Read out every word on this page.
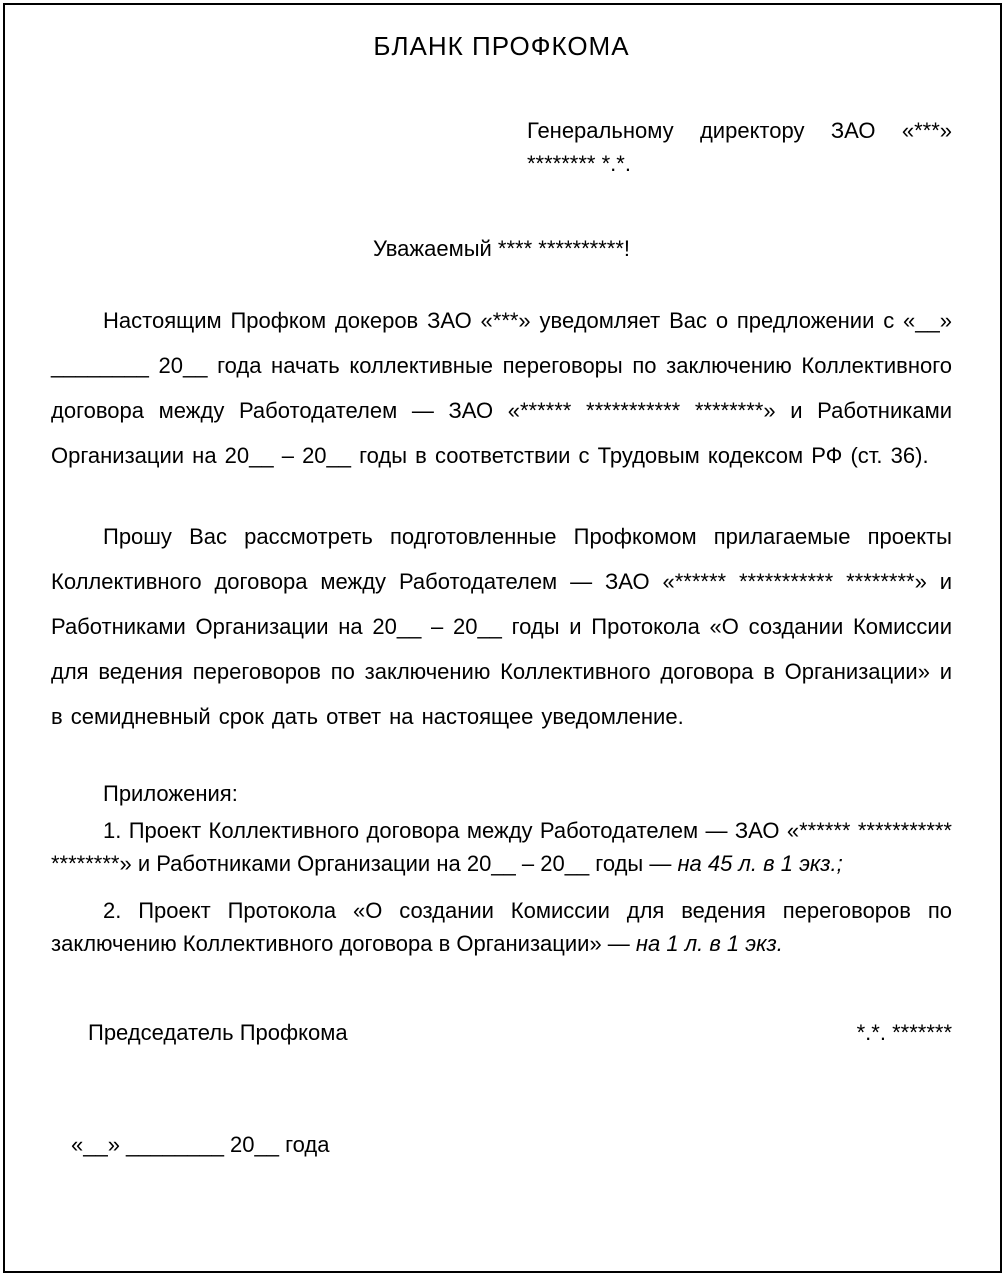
БЛАНК ПРОФКОМА
Генеральному директору ЗАО «***»
******** *.*.
Уважаемый **** **********!

Настоящим Профком докеров ЗАО «***» уведомляет Вас о предложении с «__» ________ 20__ года начать коллективные переговоры по заключению Коллективного договора между Работодателем — ЗАО «****** *********** ********» и Работниками Организации на 20__ – 20__ годы в соответствии с Трудовым кодексом РФ (ст. 36).

Прошу Вас рассмотреть подготовленные Профкомом прилагаемые проекты Коллективного договора между Работодателем — ЗАО «****** *********** ********» и Работниками Организации на 20__ – 20__ годы и Протокола «О создании Комиссии для ведения переговоров по заключению Коллективного договора в Организации» и в семидневный срок дать ответ на настоящее уведомление.

Приложения:

1. Проект Коллективного договора между Работодателем — ЗАО «****** *********** ********» и Работниками Организации на 20__ – 20__ годы — на 45 л. в 1 экз.;

2. Проект Протокола «О создании Комиссии для ведения переговоров по заключению Коллективного договора в Организации» — на 1 л. в 1 экз.

Председатель Профкома	*.*. *******
«__» ________ 20__ года
